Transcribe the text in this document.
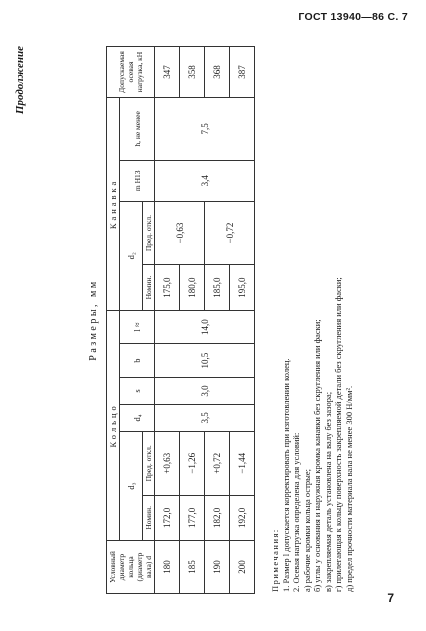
ГОСТ 13940—86 С. 7
Продолжение
Размеры, мм
Условный диаметр кольца (диаметр вала) d	Кольцо						Канавка				Допускаемая осевая нагрузка, кН
	d₃		d₄	s	b	l ≈	d₂		m Н13	h, не менее	
	Номин.	Пред. откл.					Номин.	Пред. откл.			
180	172,0	+0,63	3,5	3,0	10,5	14,0	175,0	−0,63	3,4	7,5	347
185	177,0	−1,26					180,0				358
190	182,0	+0,72					185,0	−0,72			368
200	192,0	−1,44					195,0				387
Примечания: 1. Размер l допускается корректировать при изготовлении колец. 2. Осевая нагрузка определена для условий: а) рабочие кромки кольца острые; б) углы у основания и наружная кромка канавки без скругления или фаски; в) закрепляемая деталь установлена на валу без зазора; г) прилегающая к кольцу поверхность закрепляемой детали без скругления или фаски; д) предел прочности материала вала не менее 300 Н/мм².
7
